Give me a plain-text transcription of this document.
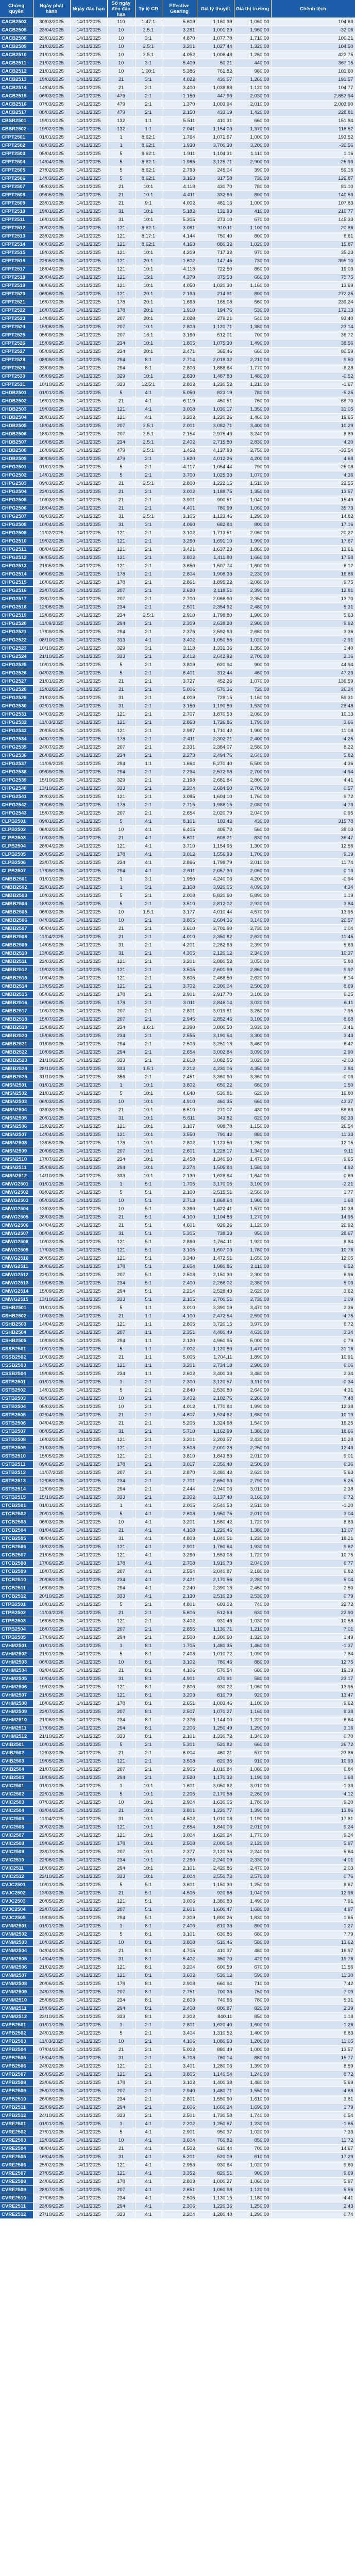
Chứng quyền	Ngày phát hành	Ngày đáo hạn	Số ngày đến đáo hạn	Tỷ lệ CĐ	Effective Gearing	Giá lý thuyết	Giá thị trường	Chênh lệch
CACB2503	30/03/2025	14/11/2025	110	1.47:1	5.609	1,160.39	1,060.00	104.63
CACB2505	23/04/2025	14/11/2025	10	2.5:1	3.281	1,001.29	1,960.00	-32.06
CACB2508	23/01/2025	14/11/2025	10	3:1	4.870	1,077.78	1,710.00	100.21
CACB2509	21/02/2025	14/11/2025	10	2.5:1	3.201	1,027.44	1,320.00	104.50
CACB2510	21/01/2025	14/11/2025	10	2.5:1	4.052	1,006.48	1,260.00	422.75
CACB2511	21/02/2025	14/11/2025	10	3:1	5.409	50.21	440.00	367.15
CACB2512	21/01/2025	14/11/2025	10	1.00:1	5.386	761.82	980.00	101.60
CACB2513	19/02/2025	14/11/2025	21	3:1	4.022	430.67	1,260.00	191.57
CACB2514	14/04/2025	14/11/2025	21	2:1	3.400	1,038.88	1,120.00	104.77
CACB2515	06/03/2025	14/11/2025	479	2:1	1.150	447.96	2,030.00	2,852.94
CACB2516	07/03/2025	14/11/2025	479	2:1	1.370	1,003.94	2,010.00	2,003.90
CACB2517	08/03/2025	14/11/2025	479	2:1	2.150	433.19	1,420.00	228.81
CBSR2501	19/01/2025	14/11/2025	132	1:1	5.511	410.31	660.00	151.84
CBSR2502	19/02/2025	14/11/2025	132	1:1	2.041	1,154.03	1,370.00	118.52
CFPT2501	01/01/2025	14/11/2025	1	8.62:1	1.764	1,071.67	1,000.00	193.52
CFPT2502	03/03/2025	14/11/2025	1	8.62:1	1.930	3,700.30	3,200.00	-30.56
CFPT2503	05/04/2025	14/11/2025	5	8.62:1	1.911	1,104.31	1,110.00	1.16
CFPT2504	14/04/2025	14/11/2025	5	8.62:1	1.985	3,125.71	2,900.00	-25.93
CFPT2505	27/02/2025	14/11/2025	5	8.62:1	2.793	245.04	390.00	59.16
CFPT2506	14/03/2025	14/11/2025	5	8.62:1	3.163	317.58	730.00	129.87
CFPT2507	05/03/2025	14/11/2025	21	10:1	4.118	430.70	780.00	81.10
CFPT2508	09/05/2025	14/11/2025	21	10:1	4.411	332.60	800.00	140.53
CFPT2509	23/01/2025	14/11/2025	21	9:1	4.002	481.16	1,000.00	107.83
CFPT2510	19/01/2025	14/11/2025	31	10:1	5.182	131.93	410.00	210.77
CFPT2511	16/01/2025	14/11/2025	31	10:1	5.305	273.10	670.00	145.33
CFPT2512	20/02/2025	14/11/2025	121	8.62:1	3.081	910.11	1,100.00	20.86
CFPT2513	23/02/2025	14/11/2025	121	8.17:1	4.144	750.40	800.00	6.61
CFPT2514	06/03/2025	14/11/2025	121	8.62:1	4.163	880.32	1,020.00	15.87
CFPT2515	18/03/2025	14/11/2025	121	10:1	4.209	717.32	970.00	35.23
CFPT2516	22/05/2025	14/11/2025	121	20:1	1.602	147.45	730.00	395.10
CFPT2517	18/04/2025	14/11/2025	121	10:1	4.118	722.50	860.00	19.03
CFPT2518	20/04/2025	14/11/2025	121	15:1	4.379	375.53	660.00	75.75
CFPT2519	06/06/2025	14/11/2025	121	10:1	4.050	1,020.30	1,160.00	13.69
CFPT2520	06/06/2025	14/11/2025	121	20:1	2.193	214.91	800.00	272.25
CFPT2521	16/07/2025	14/11/2025	178	20:1	1.663	165.08	560.00	239.24
CFPT2522	16/07/2025	14/11/2025	178	20:1	1.910	194.76	530.00	172.13
CFPT2523	14/08/2025	14/11/2025	207	20:1	2.028	279.21	540.00	93.40
CFPT2524	15/08/2025	14/11/2025	207	10:1	2.803	1,120.71	1,380.00	23.14
CFPT2525	05/09/2025	14/11/2025	207	16:1	3.160	512.01	700.00	36.72
CFPT2526	15/09/2025	14/11/2025	234	10:1	1.805	1,075.30	1,490.00	38.56
CFPT2527	05/09/2025	14/11/2025	234	20:1	2.471	365.46	660.00	80.59
CFPT2528	08/09/2025	14/11/2025	294	8:1	2.714	2,018.32	2,210.00	9.50
CFPT2529	23/09/2025	14/11/2025	294	8:1	2.806	1,888.64	1,770.00	-6.28
CFPT2530	05/09/2025	14/11/2025	329	10:1	2.830	1,487.83	1,480.00	-0.52
CFPT2531	10/10/2025	14/11/2025	333	12.5:1	2.802	1,230.52	1,210.00	-1.67
CHDB2501	01/01/2025	14/11/2025	5	4:1	5.050	823.19	780.00	-5.25
CHDB2502	16/01/2025	14/11/2025	21	4:1	6.119	450.51	760.00	68.70
CHDB2503	19/03/2025	14/11/2025	121	4:1	3.008	1,030.17	1,350.00	31.05
CHDB2504	28/01/2025	14/11/2025	121	4:1	3.202	1,220.26	1,460.00	19.65
CHDB2505	18/04/2025	14/11/2025	207	2.5:1	2.001	3,082.71	3,400.00	10.29
CHDB2506	18/07/2025	14/11/2025	207	2.5:1	2.154	2,975.43	3,240.00	8.89
CHDB2507	16/08/2025	14/11/2025	234	2.5:1	2.402	2,715.80	2,830.00	4.20
CHDB2508	16/09/2025	14/11/2025	479	2.5:1	1.462	4,137.93	2,750.00	-33.54
CHDB2509	30/09/2025	14/11/2025	479	2:1	1.620	4,012.26	4,200.00	4.68
CHPG2501	01/01/2025	14/11/2025	5	2:1	4.117	1,054.44	790.00	-25.08
CHPG2502	14/01/2025	14/11/2025	5	2:1	3.700	1,025.33	1,070.00	4.36
CHPG2503	09/03/2025	14/11/2025	21	2.5:1	2.800	1,222.15	1,510.00	23.55
CHPG2504	22/01/2025	14/11/2025	21	2:1	3.002	1,188.75	1,350.00	13.57
CHPG2505	10/03/2025	14/11/2025	21	2:1	3.901	900.51	1,040.00	15.49
CHPG2506	18/04/2025	14/11/2025	21	2:1	4.401	780.99	1,060.00	35.73
CHPG2507	03/03/2025	14/11/2025	31	2.5:1	3.105	1,123.46	1,290.00	14.82
CHPG2508	10/04/2025	14/11/2025	31	3:1	4.060	682.84	800.00	17.16
CHPG2509	11/02/2025	14/11/2025	121	2:1	3.102	1,713.51	2,060.00	20.22
CHPG2510	19/02/2025	14/11/2025	121	2:1	3.260	1,691.10	1,990.00	17.67
CHPG2511	08/04/2025	14/11/2025	121	2:1	3.421	1,637.23	1,860.00	13.61
CHPG2512	06/05/2025	14/11/2025	121	2:1	3.802	1,411.80	1,660.00	17.58
CHPG2513	21/05/2025	14/11/2025	121	2:1	3.650	1,507.74	1,600.00	6.12
CHPG2514	06/06/2025	14/11/2025	178	2:1	2.804	1,908.33	2,230.00	16.86
CHPG2515	16/06/2025	14/11/2025	178	2:1	2.861	1,895.22	2,080.00	9.75
CHPG2516	22/07/2025	14/11/2025	207	2:1	2.620	2,118.51	2,390.00	12.81
CHPG2517	23/07/2025	14/11/2025	207	2:1	2.700	2,066.90	2,350.00	13.70
CHPG2518	12/08/2025	14/11/2025	234	2:1	2.501	2,354.92	2,480.00	5.31
CHPG2519	12/08/2025	14/11/2025	234	2.5:1	2.910	1,798.80	1,900.00	5.63
CHPG2520	11/09/2025	14/11/2025	294	2:1	2.309	2,638.20	2,900.00	9.92
CHPG2521	17/09/2025	14/11/2025	294	2:1	2.376	2,592.93	2,680.00	3.36
CHPG2522	08/10/2025	14/11/2025	313	4:1	3.402	1,050.55	1,020.00	-2.91
CHPG2523	10/10/2025	14/11/2025	329	3:1	3.118	1,331.36	1,350.00	1.40
CHPG2524	21/10/2025	14/11/2025	333	2:1	2.412	2,642.92	2,700.00	2.16
CHPG2525	10/01/2025	14/11/2025	5	2:1	3.809	620.94	900.00	44.94
CHPG2526	04/02/2025	14/11/2025	5	2:1	6.401	312.44	460.00	47.23
CHPG2527	21/01/2025	14/11/2025	21	2:1	3.727	452.26	1,070.00	136.59
CHPG2528	12/02/2025	14/11/2025	21	2:1	5.006	570.36	720.00	26.24
CHPG2529	21/02/2025	14/11/2025	31	2:1	4.009	728.15	1,160.00	59.31
CHPG2530	02/01/2025	14/11/2025	31	2:1	3.150	1,190.80	1,530.00	28.48
CHPG2531	04/03/2025	14/11/2025	121	2:1	2.707	1,870.53	2,060.00	10.13
CHPG2532	11/03/2025	14/11/2025	121	2:1	2.863	1,726.86	1,790.00	3.66
CHPG2533	20/05/2025	14/11/2025	121	2:1	2.987	1,710.42	1,900.00	11.08
CHPG2534	04/07/2025	14/11/2025	178	2:1	2.411	2,302.21	2,400.00	4.25
CHPG2535	24/07/2025	14/11/2025	207	2:1	2.331	2,384.07	2,580.00	8.22
CHPG2536	26/08/2025	14/11/2025	234	2:1	2.273	2,494.76	2,640.00	5.82
CHPG2537	11/09/2025	14/11/2025	294	1:1	1.664	5,270.40	5,500.00	4.36
CHPG2538	09/09/2025	14/11/2025	294	2:1	2.294	2,572.98	2,700.00	4.94
CHPG2539	15/10/2025	14/11/2025	329	2:1	2.198	2,681.84	2,800.00	4.41
CHPG2540	13/10/2025	14/11/2025	333	2:1	2.204	2,684.60	2,700.00	0.57
CHPG2541	20/03/2025	14/11/2025	121	2:1	3.085	1,604.10	1,760.00	9.72
CHPG2542	20/06/2025	14/11/2025	178	2:1	2.715	1,986.15	2,080.00	4.73
CHPG2543	15/07/2025	14/11/2025	207	2:1	2.654	2,020.79	2,040.00	0.95
CLPB2501	09/01/2025	14/11/2025	5	4:1	8.101	103.42	430.00	315.78
CLPB2502	06/02/2025	14/11/2025	10	4:1	6.405	405.72	560.00	38.03
CLPB2503	10/03/2025	14/11/2025	21	4:1	5.601	608.21	830.00	36.47
CLPB2504	28/04/2025	14/11/2025	121	4:1	3.710	1,154.95	1,300.00	12.56
CLPB2505	20/05/2025	14/11/2025	178	4:1	3.012	1,556.93	1,700.00	9.19
CLPB2506	23/07/2025	14/11/2025	234	4:1	2.866	1,798.79	2,010.00	11.74
CLPB2507	17/09/2025	14/11/2025	294	4:1	2.611	2,057.30	2,060.00	0.13
CMBB2501	01/01/2025	14/11/2025	1	3:1	1.950	4,240.06	4,200.00	-0.94
CMBB2502	22/01/2025	14/11/2025	1	3:1	2.108	3,920.05	4,090.00	4.34
CMBB2503	10/03/2025	14/11/2025	5	2:1	2.008	5,820.60	5,890.00	1.19
CMBB2504	18/02/2025	14/11/2025	5	2:1	3.510	2,812.02	2,920.00	3.84
CMBB2505	06/03/2025	14/11/2025	10	1.5:1	3.177	4,010.44	4,570.00	13.95
CMBB2506	04/03/2025	14/11/2025	10	2:1	3.805	2,604.36	3,140.00	20.57
CMBB2507	05/04/2025	14/11/2025	21	2:1	3.610	2,701.90	2,730.00	1.04
CMBB2508	11/04/2025	14/11/2025	21	2:1	4.010	2,350.82	2,620.00	11.45
CMBB2509	14/05/2025	14/11/2025	31	2:1	4.201	2,262.63	2,390.00	5.63
CMBB2510	13/06/2025	14/11/2025	31	2:1	4.305	2,120.12	2,340.00	10.37
CMBB2511	22/03/2025	14/11/2025	121	2:1	3.201	2,880.52	3,050.00	5.88
CMBB2512	19/02/2025	14/11/2025	121	2:1	3.505	2,601.99	2,860.00	9.92
CMBB2513	10/04/2025	14/11/2025	121	2:1	3.605	2,468.50	2,620.00	6.14
CMBB2514	13/05/2025	14/11/2025	121	2:1	3.702	2,300.04	2,500.00	8.69
CMBB2515	05/06/2025	14/11/2025	178	2:1	2.901	2,917.70	3,100.00	6.25
CMBB2516	16/06/2025	14/11/2025	178	2:1	3.011	2,846.14	3,020.00	6.11
CMBB2517	10/07/2025	14/11/2025	207	2:1	2.801	3,019.81	3,260.00	7.95
CMBB2518	15/07/2025	14/11/2025	207	2:1	2.945	2,852.46	3,100.00	8.68
CMBB2519	12/08/2025	14/11/2025	234	1.6:1	2.390	3,800.50	3,930.00	3.41
CMBB2520	15/08/2025	14/11/2025	234	2:1	2.555	3,190.54	3,300.00	3.43
CMBB2521	01/09/2025	14/11/2025	294	2:1	2.503	3,251.18	3,460.00	6.42
CMBB2522	10/09/2025	14/11/2025	294	2:1	2.654	3,002.84	3,090.00	2.90
CMBB2523	21/10/2025	14/11/2025	333	2:1	2.618	3,082.55	3,020.00	-2.03
CMBB2524	28/10/2025	14/11/2025	333	1.5:1	2.212	4,230.06	4,350.00	2.84
CMBB2525	31/10/2025	14/11/2025	356	2:1	2.451	3,360.90	3,360.00	-0.03
CMSN2501	01/01/2025	14/11/2025	1	10:1	3.802	650.22	660.00	1.50
CMSN2502	21/01/2025	14/11/2025	5	10:1	4.640	530.81	620.00	16.80
CMSN2503	06/03/2025	14/11/2025	10	10:1	4.910	460.35	660.00	43.37
CMSN2504	03/03/2025	14/11/2025	21	10:1	6.510	271.07	430.00	58.63
CMSN2505	20/01/2025	14/11/2025	31	10:1	5.611	343.82	620.00	80.33
CMSN2506	12/02/2025	14/11/2025	121	10:1	3.107	908.78	1,150.00	26.54
CMSN2507	14/04/2025	14/11/2025	121	10:1	3.550	790.42	880.00	11.33
CMSN2508	13/05/2025	14/11/2025	178	10:1	2.802	1,123.50	1,260.00	12.15
CMSN2509	20/06/2025	14/11/2025	207	10:1	2.601	1,228.17	1,340.00	9.11
CMSN2510	17/07/2025	14/11/2025	234	10:1	2.458	1,340.60	1,470.00	9.65
CMSN2511	25/08/2025	14/11/2025	294	10:1	2.274	1,505.84	1,580.00	4.92
CMSN2512	14/10/2025	14/11/2025	333	10:1	2.130	1,628.84	1,640.00	0.69
CMWG2501	01/01/2025	14/11/2025	1	5:1	1.705	3,170.05	3,100.00	-2.21
CMWG2502	03/02/2025	14/11/2025	5	5:1	2.100	2,515.51	2,560.00	1.77
CMWG2503	05/03/2025	14/11/2025	10	5:1	2.713	1,868.64	1,900.00	1.68
CMWG2504	13/03/2025	14/11/2025	10	5:1	3.360	1,422.41	1,570.00	10.38
CMWG2505	28/03/2025	14/11/2025	21	5:1	4.100	1,104.86	1,270.00	14.95
CMWG2506	04/04/2025	14/11/2025	21	5:1	4.601	926.26	1,120.00	20.92
CMWG2507	08/04/2025	14/11/2025	31	5:1	5.305	738.33	950.00	28.67
CMWG2508	10/02/2025	14/11/2025	121	5:1	2.860	1,764.11	1,920.00	8.84
CMWG2509	17/03/2025	14/11/2025	121	5:1	3.105	1,607.03	1,780.00	10.76
CMWG2510	20/05/2025	14/11/2025	121	5:1	3.340	1,472.51	1,650.00	12.05
CMWG2511	20/06/2025	14/11/2025	178	5:1	2.654	1,980.86	2,110.00	6.52
CMWG2512	22/07/2025	14/11/2025	207	5:1	2.508	2,150.30	2,300.00	6.96
CMWG2513	19/08/2025	14/11/2025	234	5:1	2.400	2,266.02	2,380.00	5.03
CMWG2514	15/09/2025	14/11/2025	294	5:1	2.214	2,528.43	2,620.00	3.62
CMWG2515	13/10/2025	14/11/2025	333	5:1	2.105	2,700.51	2,730.00	1.09
CSHB2501	01/01/2025	14/11/2025	5	1:1	3.010	3,390.09	3,470.00	2.36
CSHB2502	10/03/2025	14/11/2025	21	1:1	4.100	2,472.54	2,590.00	4.75
CSHB2503	14/04/2025	14/11/2025	121	1:1	2.805	3,720.15	3,970.00	6.72
CSHB2504	25/06/2025	14/11/2025	207	1:1	2.351	4,480.49	4,630.00	3.34
CSHB2505	10/09/2025	14/11/2025	294	1:1	2.120	4,960.95	5,000.00	0.79
CSSB2501	10/01/2025	14/11/2025	5	1:1	7.002	1,120.80	1,470.00	31.16
CSSB2502	10/03/2025	14/11/2025	21	1:1	5.005	1,704.11	1,890.00	10.91
CSSB2503	14/05/2025	14/11/2025	121	1:1	3.201	2,734.18	2,900.00	6.06
CSSB2504	19/08/2025	14/11/2025	234	1:1	2.602	3,400.33	3,480.00	2.34
CSTB2501	01/01/2025	14/11/2025	1	2:1	2.300	3,120.57	3,110.00	-0.34
CSTB2502	14/01/2025	14/11/2025	5	2:1	2.840	2,530.80	2,640.00	4.31
CSTB2503	03/03/2025	14/11/2025	10	2:1	3.402	2,102.76	2,260.00	7.48
CSTB2504	05/03/2025	14/11/2025	10	2:1	4.012	1,770.84	1,990.00	12.38
CSTB2505	02/04/2025	14/11/2025	21	2:1	4.607	1,524.62	1,680.00	10.19
CSTB2506	04/04/2025	14/11/2025	21	2:1	5.205	1,324.68	1,540.00	16.25
CSTB2507	08/05/2025	14/11/2025	31	2:1	5.710	1,162.99	1,380.00	18.66
CSTB2508	16/02/2025	14/11/2025	121	2:1	3.201	2,203.57	2,430.00	10.28
CSTB2509	21/03/2025	14/11/2025	121	2:1	3.508	2,001.28	2,250.00	12.43
CSTB2510	15/05/2025	14/11/2025	121	2:1	3.810	1,843.83	2,010.00	9.01
CSTB2511	09/06/2025	14/11/2025	178	2:1	3.017	2,350.40	2,500.00	6.36
CSTB2512	11/07/2025	14/11/2025	207	2:1	2.870	2,480.42	2,620.00	5.63
CSTB2513	12/08/2025	14/11/2025	234	2:1	2.701	2,650.93	2,790.00	5.25
CSTB2514	12/09/2025	14/11/2025	294	2:1	2.444	2,940.06	3,010.00	2.38
CSTB2515	15/10/2025	14/11/2025	333	2:1	2.302	3,137.40	3,160.00	0.72
CTCB2501	01/01/2025	14/11/2025	1	4:1	2.005	2,540.53	2,510.00	-1.20
CTCB2502	20/01/2025	14/11/2025	5	4:1	2.608	1,950.75	2,010.00	3.04
CTCB2503	06/03/2025	14/11/2025	10	4:1	3.201	1,580.42	1,720.00	8.83
CTCB2504	01/04/2025	14/11/2025	21	4:1	4.108	1,220.46	1,380.00	13.07
CTCB2505	08/04/2025	14/11/2025	31	4:1	4.803	1,040.51	1,230.00	18.21
CTCB2506	18/02/2025	14/11/2025	121	4:1	2.901	1,760.64	1,930.00	9.62
CTCB2507	21/05/2025	14/11/2025	121	4:1	3.260	1,553.08	1,720.00	10.75
CTCB2508	17/06/2025	14/11/2025	178	4:1	2.708	1,910.73	2,040.00	6.77
CTCB2509	18/07/2025	14/11/2025	207	4:1	2.554	2,040.87	2,180.00	6.82
CTCB2510	20/08/2025	14/11/2025	234	4:1	2.421	2,170.56	2,280.00	5.04
CTCB2511	16/09/2025	14/11/2025	294	4:1	2.240	2,390.18	2,450.00	2.50
CTCB2512	20/10/2025	14/11/2025	333	4:1	2.130	2,510.23	2,530.00	0.79
CTPB2501	10/01/2025	14/11/2025	5	2:1	4.801	603.02	740.00	22.72
CTPB2502	11/03/2025	14/11/2025	21	2:1	5.606	512.63	630.00	22.90
CTPB2503	16/05/2025	14/11/2025	121	2:1	3.402	931.46	1,030.00	10.58
CTPB2504	18/07/2025	14/11/2025	207	2:1	2.855	1,130.71	1,210.00	7.01
CTPB2505	17/09/2025	14/11/2025	294	2:1	2.500	1,300.60	1,320.00	1.49
CVHM2501	01/01/2025	14/11/2025	1	8:1	1.705	1,480.35	1,460.00	-1.37
CVHM2502	21/01/2025	14/11/2025	5	8:1	2.408	1,010.72	1,090.00	7.84
CVHM2503	06/03/2025	14/11/2025	10	8:1	3.102	780.46	880.00	12.75
CVHM2504	02/04/2025	14/11/2025	21	8:1	4.106	570.54	680.00	19.19
CVHM2505	10/04/2025	14/11/2025	31	8:1	4.901	470.91	580.00	23.17
CVHM2506	19/02/2025	14/11/2025	121	8:1	2.806	930.22	1,060.00	13.95
CVHM2507	21/05/2025	14/11/2025	121	8:1	3.203	810.79	920.00	13.47
CVHM2508	18/06/2025	14/11/2025	178	8:1	2.651	1,003.46	1,100.00	9.62
CVHM2509	22/07/2025	14/11/2025	207	8:1	2.507	1,070.27	1,160.00	8.38
CVHM2510	21/08/2025	14/11/2025	234	8:1	2.378	1,144.00	1,220.00	6.64
CVHM2511	17/09/2025	14/11/2025	294	8:1	2.206	1,250.49	1,290.00	3.16
CVHM2512	21/10/2025	14/11/2025	333	8:1	2.101	1,330.72	1,340.00	0.70
CVIB2501	10/01/2025	14/11/2025	5	2:1	5.301	520.82	660.00	26.72
CVIB2502	12/03/2025	14/11/2025	21	2:1	6.004	460.21	570.00	23.86
CVIB2503	19/05/2025	14/11/2025	121	2:1	3.508	820.35	910.00	10.93
CVIB2504	21/07/2025	14/11/2025	207	2:1	2.905	1,010.84	1,080.00	6.84
CVIB2505	18/09/2025	14/11/2025	294	2:1	2.520	1,170.32	1,190.00	1.68
CVIC2501	01/01/2025	14/11/2025	1	10:1	1.601	3,050.62	3,010.00	-1.33
CVIC2502	22/01/2025	14/11/2025	5	10:1	2.205	2,170.58	2,260.00	4.12
CVIC2503	07/03/2025	14/11/2025	10	10:1	2.904	1,630.05	1,780.00	9.20
CVIC2504	03/04/2025	14/11/2025	21	10:1	3.801	1,220.77	1,390.00	13.86
CVIC2505	11/04/2025	14/11/2025	31	10:1	4.502	1,010.08	1,190.00	17.81
CVIC2506	20/02/2025	14/11/2025	121	10:1	2.654	1,840.06	2,010.00	9.24
CVIC2507	22/05/2025	14/11/2025	121	10:1	3.004	1,620.24	1,770.00	9.24
CVIC2508	19/06/2025	14/11/2025	178	10:1	2.508	2,000.54	2,120.00	5.97
CVIC2509	23/07/2025	14/11/2025	207	10:1	2.377	2,120.36	2,240.00	5.64
CVIC2510	22/08/2025	14/11/2025	234	10:1	2.260	2,240.09	2,330.00	4.01
CVIC2511	18/09/2025	14/11/2025	294	10:1	2.101	2,420.86	2,470.00	2.03
CVIC2512	22/10/2025	14/11/2025	333	10:1	2.004	2,550.72	2,570.00	0.76
CVJC2501	10/01/2025	14/11/2025	5	5:1	3.601	1,150.30	1,250.00	8.67
CVJC2502	13/03/2025	14/11/2025	21	5:1	4.505	920.68	1,040.00	12.96
CVJC2503	20/05/2025	14/11/2025	121	5:1	3.006	1,380.83	1,490.00	7.91
CVJC2504	22/07/2025	14/11/2025	207	5:1	2.601	1,600.47	1,680.00	4.97
CVJC2505	19/09/2025	14/11/2025	294	5:1	2.309	1,800.26	1,830.00	1.65
CVNM2501	01/01/2025	14/11/2025	1	8:1	2.406	810.33	800.00	-1.27
CVNM2502	23/01/2025	14/11/2025	5	8:1	3.101	630.86	680.00	7.79
CVNM2503	10/03/2025	14/11/2025	10	8:1	3.808	510.46	580.00	13.62
CVNM2504	04/04/2025	14/11/2025	21	8:1	4.705	410.37	480.00	16.97
CVNM2505	14/04/2025	14/11/2025	31	8:1	5.402	350.70	420.00	19.76
CVNM2506	21/02/2025	14/11/2025	121	8:1	3.204	600.59	670.00	11.56
CVNM2507	23/05/2025	14/11/2025	121	8:1	3.602	530.12	590.00	11.30
CVNM2508	20/06/2025	14/11/2025	178	8:1	2.908	660.94	710.00	7.42
CVNM2509	24/07/2025	14/11/2025	207	8:1	2.751	700.33	750.00	7.09
CVNM2510	25/08/2025	14/11/2025	234	8:1	2.603	740.65	780.00	5.31
CVNM2511	19/09/2025	14/11/2025	294	8:1	2.408	800.87	820.00	2.39
CVNM2512	23/10/2025	14/11/2025	333	8:1	2.302	840.11	850.00	1.18
CVPB2501	01/01/2025	14/11/2025	1	2:1	2.801	1,620.40	1,600.00	-1.26
CVPB2502	24/01/2025	14/11/2025	5	2:1	3.404	1,310.52	1,400.00	6.83
CVPB2503	11/03/2025	14/11/2025	10	2:1	4.106	1,080.63	1,200.00	11.05
CVPB2504	07/04/2025	14/11/2025	21	2:1	5.002	880.49	1,000.00	13.57
CVPB2505	15/04/2025	14/11/2025	31	2:1	5.708	760.14	880.00	15.77
CVPB2506	24/02/2025	14/11/2025	121	2:1	3.401	1,280.06	1,390.00	8.59
CVPB2507	26/05/2025	14/11/2025	121	2:1	3.805	1,140.54	1,240.00	8.72
CVPB2508	23/06/2025	14/11/2025	178	2:1	3.102	1,400.38	1,480.00	5.69
CVPB2509	25/07/2025	14/11/2025	207	2:1	2.940	1,480.71	1,550.00	4.68
CVPB2510	26/08/2025	14/11/2025	234	2:1	2.801	1,550.90	1,610.00	3.81
CVPB2511	22/09/2025	14/11/2025	294	2:1	2.606	1,660.24	1,690.00	1.79
CVPB2512	24/10/2025	14/11/2025	333	2:1	2.501	1,730.58	1,740.00	0.54
CVRE2501	01/01/2025	14/11/2025	1	4:1	2.202	1,250.67	1,230.00	-1.65
CVRE2502	27/01/2025	14/11/2025	5	4:1	2.901	950.37	1,020.00	7.33
CVRE2503	12/03/2025	14/11/2025	10	4:1	3.604	760.82	850.00	11.72
CVRE2504	08/04/2025	14/11/2025	21	4:1	4.502	610.44	700.00	14.67
CVRE2505	16/04/2025	14/11/2025	31	4:1	5.201	520.09	610.00	17.29
CVRE2506	25/02/2025	14/11/2025	121	4:1	2.953	930.64	1,020.00	9.60
CVRE2507	27/05/2025	14/11/2025	121	4:1	3.352	820.51	900.00	9.69
CVRE2508	24/06/2025	14/11/2025	178	4:1	2.803	1,000.27	1,060.00	5.97
CVRE2509	28/07/2025	14/11/2025	207	4:1	2.651	1,060.98	1,120.00	5.56
CVRE2510	27/08/2025	14/11/2025	234	4:1	2.505	1,130.15	1,180.00	4.41
CVRE2511	23/09/2025	14/11/2025	294	4:1	2.306	1,220.36	1,250.00	2.43
CVRE2512	27/10/2025	14/11/2025	333	4:1	2.204	1,280.48	1,290.00	0.74
